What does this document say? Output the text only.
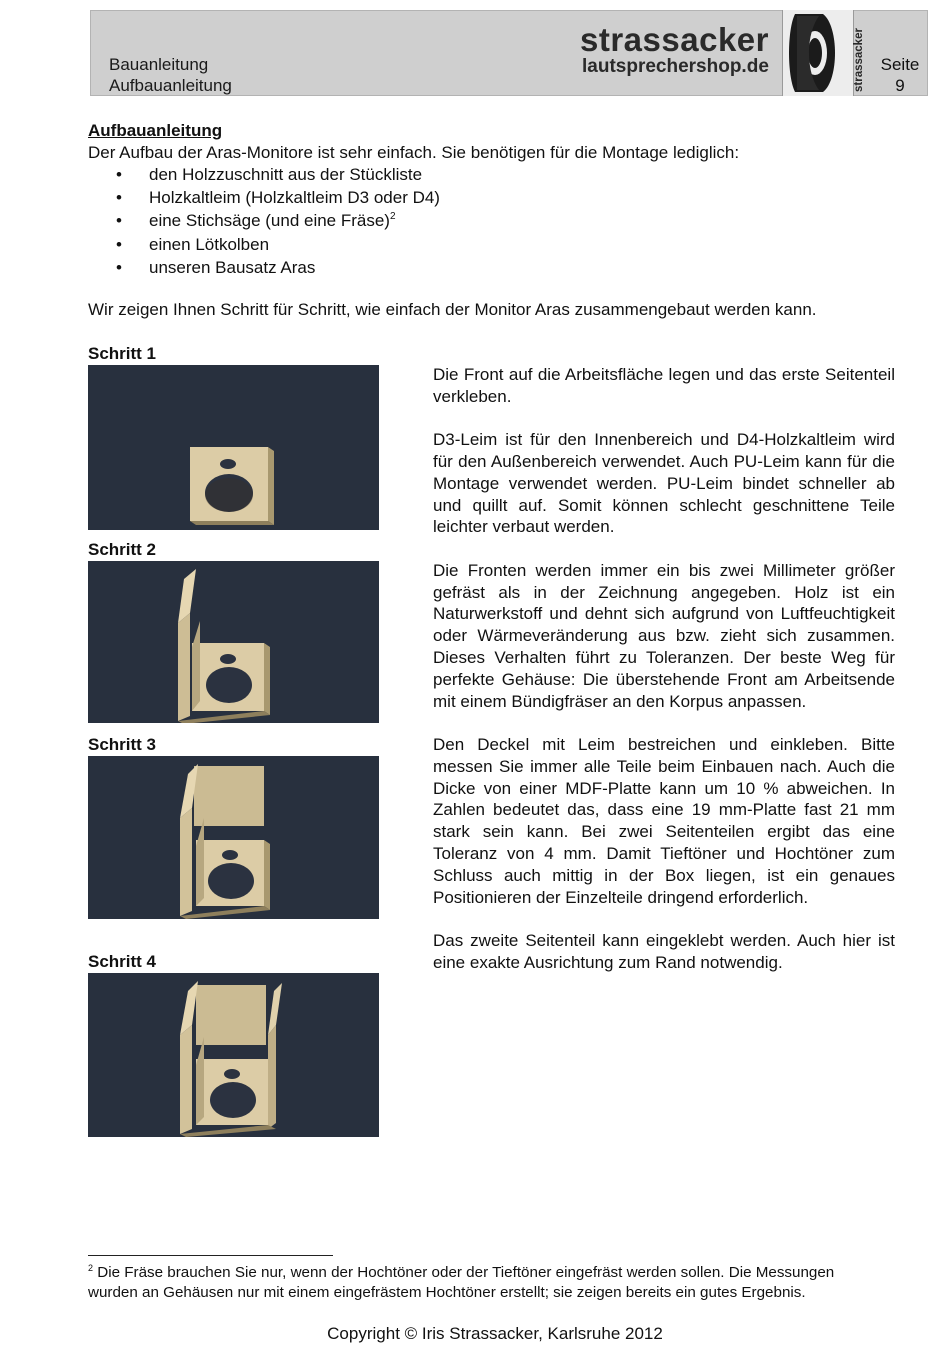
Bauanleitung
Aufbauanleitung
strassacker
lautsprechershop.de	strassacker Seite
9
Aufbauanleitung
Der Aufbau der Aras-Monitore ist sehr einfach. Sie benötigen für die Montage lediglich:
• den Holzzuschnitt aus der Stückliste
• Holzkaltleim (Holzkaltleim D3 oder D4)
• eine Stichsäge (und eine Fräse)$^2$
• einen Lötkolben
• unseren Bausatz Aras
Wir zeigen Ihnen Schritt für Schritt, wie einfach der Monitor Aras zusammengebaut werden kann.
Schritt 1
Schritt 2
Schritt 3
Schritt 4

Die Front auf die Arbeitsfläche legen und das erste Seitenteil verkleben.

D3-Leim ist für den Innenbereich und D4-Holzkaltleim wird für den Außenbereich verwendet. Auch PU-Leim kann für die Montage verwendet werden. PU-Leim bindet schneller ab und quillt auf. Somit können schlecht geschnittene Teile leichter verbaut werden.

Die Fronten werden immer ein bis zwei Millimeter größer gefräst als in der Zeichnung angegeben. Holz ist ein Naturwerkstoff und dehnt sich aufgrund von Luftfeuchtigkeit oder Wärmeveränderung aus bzw. zieht sich zusammen. Dieses Verhalten führt zu Toleranzen. Der beste Weg für perfekte Gehäuse: Die überstehende Front am Arbeitsende mit einem Bündigfräser an den Korpus anpassen.

Den Deckel mit Leim bestreichen und einkleben. Bitte messen Sie immer alle Teile beim Einbauen nach. Auch die Dicke von einer MDF-Platte kann um 10 % abweichen. In Zahlen bedeutet das, dass eine 19 mm-Platte fast 21 mm stark sein kann. Bei zwei Seitenteilen ergibt das eine Toleranz von 4 mm. Damit Tieftöner und Hochtöner zum Schluss auch mittig in der Box liegen, ist ein genaues Positionieren der Einzelteile dringend erforderlich.

Das zweite Seitenteil kann eingeklebt werden. Auch hier ist eine exakte Ausrichtung zum Rand notwendig.

$^2$ Die Fräse brauchen Sie nur, wenn der Hochtöner oder der Tieftöner eingefräst werden sollen. Die Messungen wurden an Gehäusen nur mit einem eingefrästem Hochtöner erstellt; sie zeigen bereits ein gutes Ergebnis.
Copyright © Iris Strassacker, Karlsruhe 2012
